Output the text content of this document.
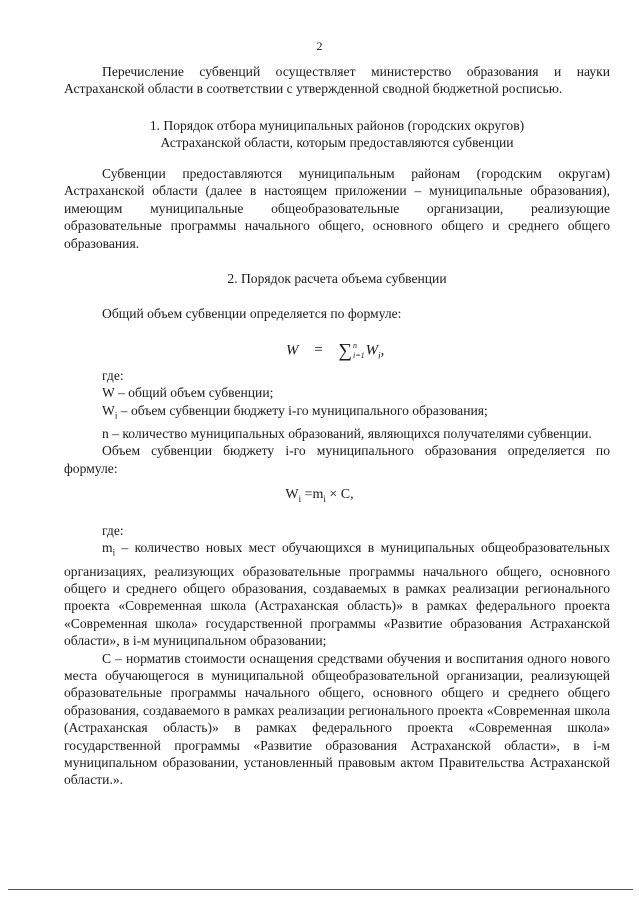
2

Перечисление субвенций осуществляет министерство образования и науки Астраханской области в соответствии с утвержденной сводной бюджетной росписью.

1. Порядок отбора муниципальных районов (городских округов)

Астраханской области, которым предоставляются субвенции

Субвенции предоставляются муниципальным районам (городским округам) Астраханской области (далее в настоящем приложении – муниципальные образования), имеющим муниципальные общеобразовательные организации, реализующие образовательные программы начального общего, основного общего и среднего общего образования.

2. Порядок расчета объема субвенции

Общий объем субвенции определяется по формуле:

W = ∑n
$i=1W_i$,

где:

W – общий объем субвенции;

$W_i$ – объем субвенции бюджету i-го муниципального образования;

n – количество муниципальных образований, являющихся получателями субвенции.

Объем субвенции бюджету i-го муниципального образования определяется по формуле:

$W_i =m_i \times C$,

где:

$m_i$ – количество новых мест обучающихся в муниципальных общеобразовательных организациях, реализующих образовательные программы начального общего, основного общего и среднего общего образования, создаваемых в рамках реализации регионального проекта «Современная школа (Астраханская область)» в рамках федерального проекта «Современная школа» государственной программы «Развитие образования Астраханской области», в i-м муниципальном образовании;

С – норматив стоимости оснащения средствами обучения и воспитания одного нового места обучающегося в муниципальной общеобразовательной организации, реализующей образовательные программы начального общего, основного общего и среднего общего образования, создаваемого в рамках реализации регионального проекта «Современная школа (Астраханская область)» в рамках федерального проекта «Современная школа» государственной программы «Развитие образования Астраханской области», в i-м муниципальном образовании, установленный правовым актом Правительства Астраханской области.».
